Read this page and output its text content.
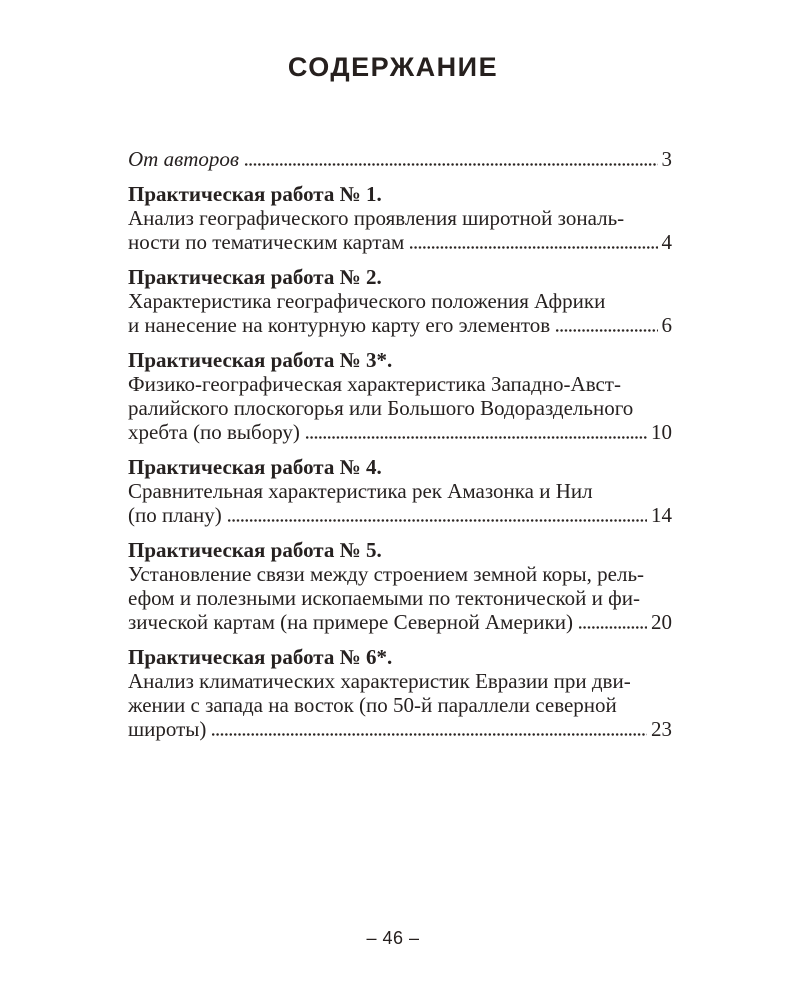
СОДЕРЖАНИЕ
От авторов	3
Практическая работа № 1.
Анализ географического проявления широтной зональ-
ности по тематическим картам	4
Практическая работа № 2.
Характеристика географического положения Африки
и нанесение на контурную карту его элементов	6
Практическая работа № 3*.
Физико-географическая характеристика Западно-Авст-
ралийского плоскогорья или Большого Водораздельного
хребта (по выбору)	10
Практическая работа № 4.
Сравнительная характеристика рек Амазонка и Нил
(по плану)	14
Практическая работа № 5.
Установление связи между строением земной коры, рель-
ефом и полезными ископаемыми по тектонической и фи-
зической картам (на примере Северной Америки)	20
Практическая работа № 6*.
Анализ климатических характеристик Евразии при дви-
жении с запада на восток (по 50-й параллели северной
широты)	23
– 46 –
